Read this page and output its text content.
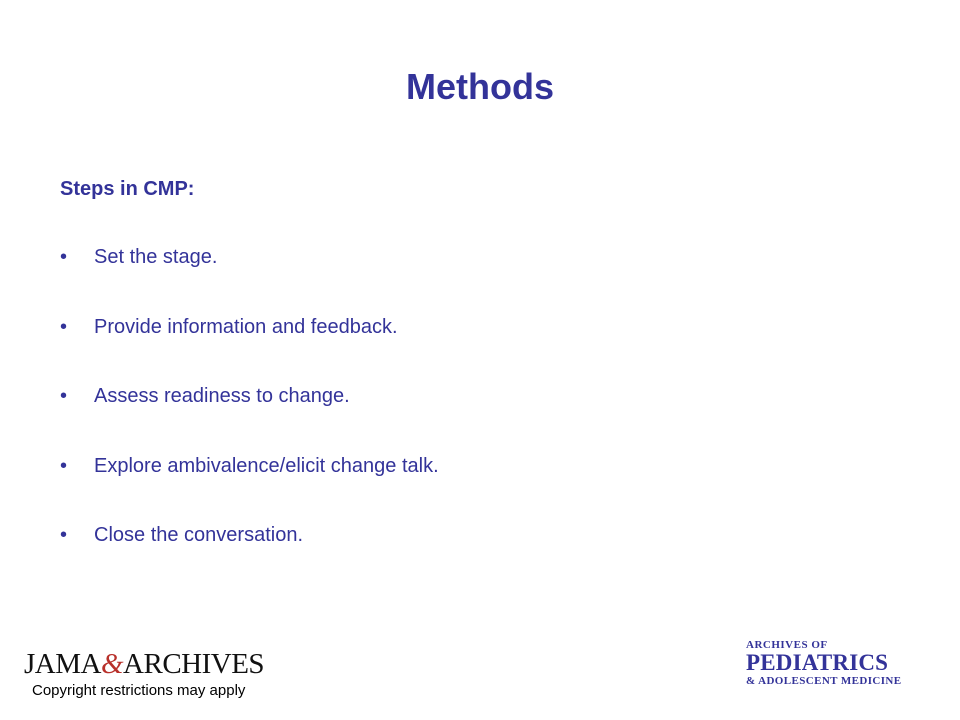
Methods
Steps in CMP:
•	Set the stage.
•	Provide information and feedback.
•	Assess readiness to change.
•	Explore ambivalence/elicit change talk.
•	Close the conversation.
JAMA&ARCHIVES
Copyright restrictions may apply
ARCHIVES OF
PEDIATRICS
& ADOLESCENT MEDICINE
